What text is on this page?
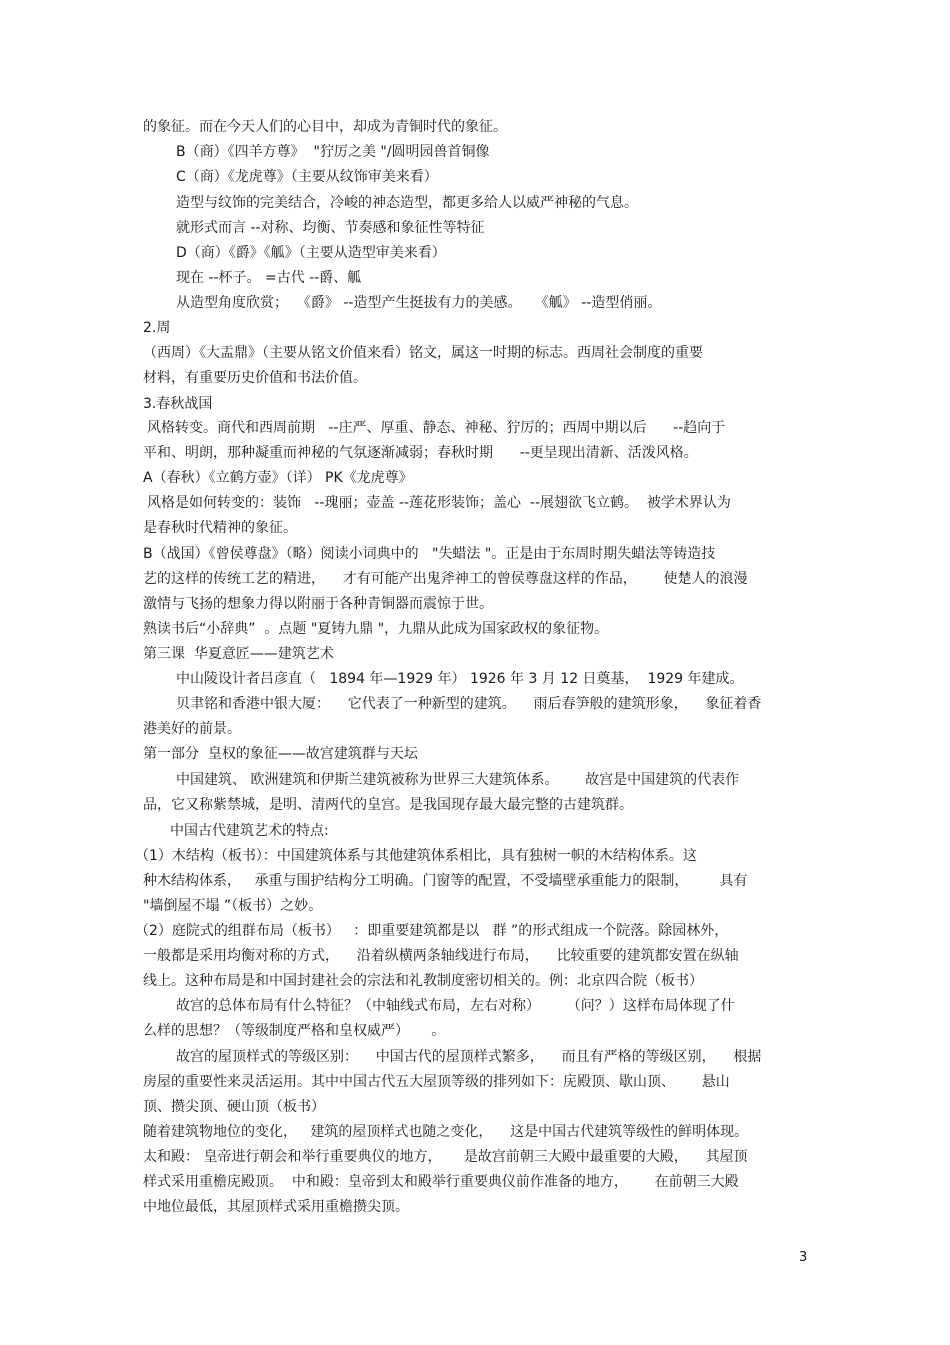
的象征。而在今天人们的心目中，却成为青铜时代的象征。
B（商）《四羊方尊》  "狞厉之美 "/圆明园兽首铜像
C（商）《龙虎尊》（主要从纹饰审美来看）
造型与纹饰的完美结合，冷峻的神态造型，都更多给人以威严神秘的气息。
就形式而言 --对称、均衡、节奏感和象征性等特征
D（商）《爵》《觚》（主要从造型审美来看）
现在 --杯子。 =古代 --爵、觚
从造型角度欣赏；  《爵》 --造型产生挺拔有力的美感。   《觚》 --造型俏丽。
2.周
（西周）《大盂鼎》（主要从铭文价值来看）铭文，属这一时期的标志。西周社会制度的重要
材料，有重要历史价值和书法价值。
3.春秋战国
风格转变。商代和西周前期   --庄严、厚重、静态、神秘、狞厉的；西周中期以后      --趋向于
平和、明朗，那种凝重而神秘的气氛逐渐减弱；春秋时期      --更呈现出清新、活泼风格。
A（春秋）《立鹤方壶》（详） PK《龙虎尊》
风格是如何转变的：装饰   --瑰丽；壶盖 --莲花形装饰；盖心  --展翅欲飞立鹤。  被学术界认为
是春秋时代精神的象征。
B（战国）《曾侯尊盘》（略）阅读小词典中的   "失蜡法 "。正是由于东周时期失蜡法等铸造技
艺的这样的传统工艺的精进，    才有可能产出鬼斧神工的曾侯尊盘这样的作品，      使楚人的浪漫
激情与飞扬的想象力得以附丽于各种青铜器而震惊于世。
熟读书后“小辞典”  。点题 "夏铸九鼎 "，九鼎从此成为国家政权的象征物。
第三课  华夏意匠——建筑艺术
中山陵设计者吕彦直（   1894 年—1929 年） 1926 年 3 月 12 日奠基，  1929 年建成。
贝聿铭和香港中银大厦：    它代表了一种新型的建筑。    雨后春笋般的建筑形象，    象征着香
港美好的前景。
第一部分  皇权的象征——故宫建筑群与天坛
中国建筑、 欧洲建筑和伊斯兰建筑被称为世界三大建筑体系。      故宫是中国建筑的代表作
品，它又称紫禁城，是明、清两代的皇宫。是我国现存最大最完整的古建筑群。
中国古代建筑艺术的特点:
（1）木结构（板书）：中国建筑体系与其他建筑体系相比，具有独树一帜的木结构体系。这
种木结构体系，   承重与围护结构分工明确。门窗等的配置，不受墙壁承重能力的限制，       具有
"墙倒屋不塌 ”（板书）之妙。
（2）庭院式的组群布局（板书）   ：即重要建筑都是以   群 ”的形式组成一个院落。除园林外，
一般都是采用均衡对称的方式，    沿着纵横两条轴线进行布局，    比较重要的建筑都安置在纵轴
线上。这种布局是和中国封建社会的宗法和礼教制度密切相关的。例：北京四合院（板书）
故宫的总体布局有什么特征？（中轴线式布局，左右对称）      （问？）这样布局体现了什
么样的思想？（等级制度严格和皇权威严）     。
故宫的屋顶样式的等级区别：    中国古代的屋顶样式繁多，    而且有严格的等级区别，    根据
房屋的重要性来灵活运用。其中中国古代五大屋顶等级的排列如下：庑殿顶、歇山顶、      悬山
顶、攒尖顶、硬山顶（板书）
随着建筑物地位的变化，   建筑的屋顶样式也随之变化，    这是中国古代建筑等级性的鲜明体现。
太和殿： 皇帝进行朝会和举行重要典仪的地方，     是故宫前朝三大殿中最重要的大殿，    其屋顶
样式采用重檐庑殿顶。  中和殿：皇帝到太和殿举行重要典仪前作准备的地方，      在前朝三大殿
中地位最低，其屋顶样式采用重檐攒尖顶。
3
